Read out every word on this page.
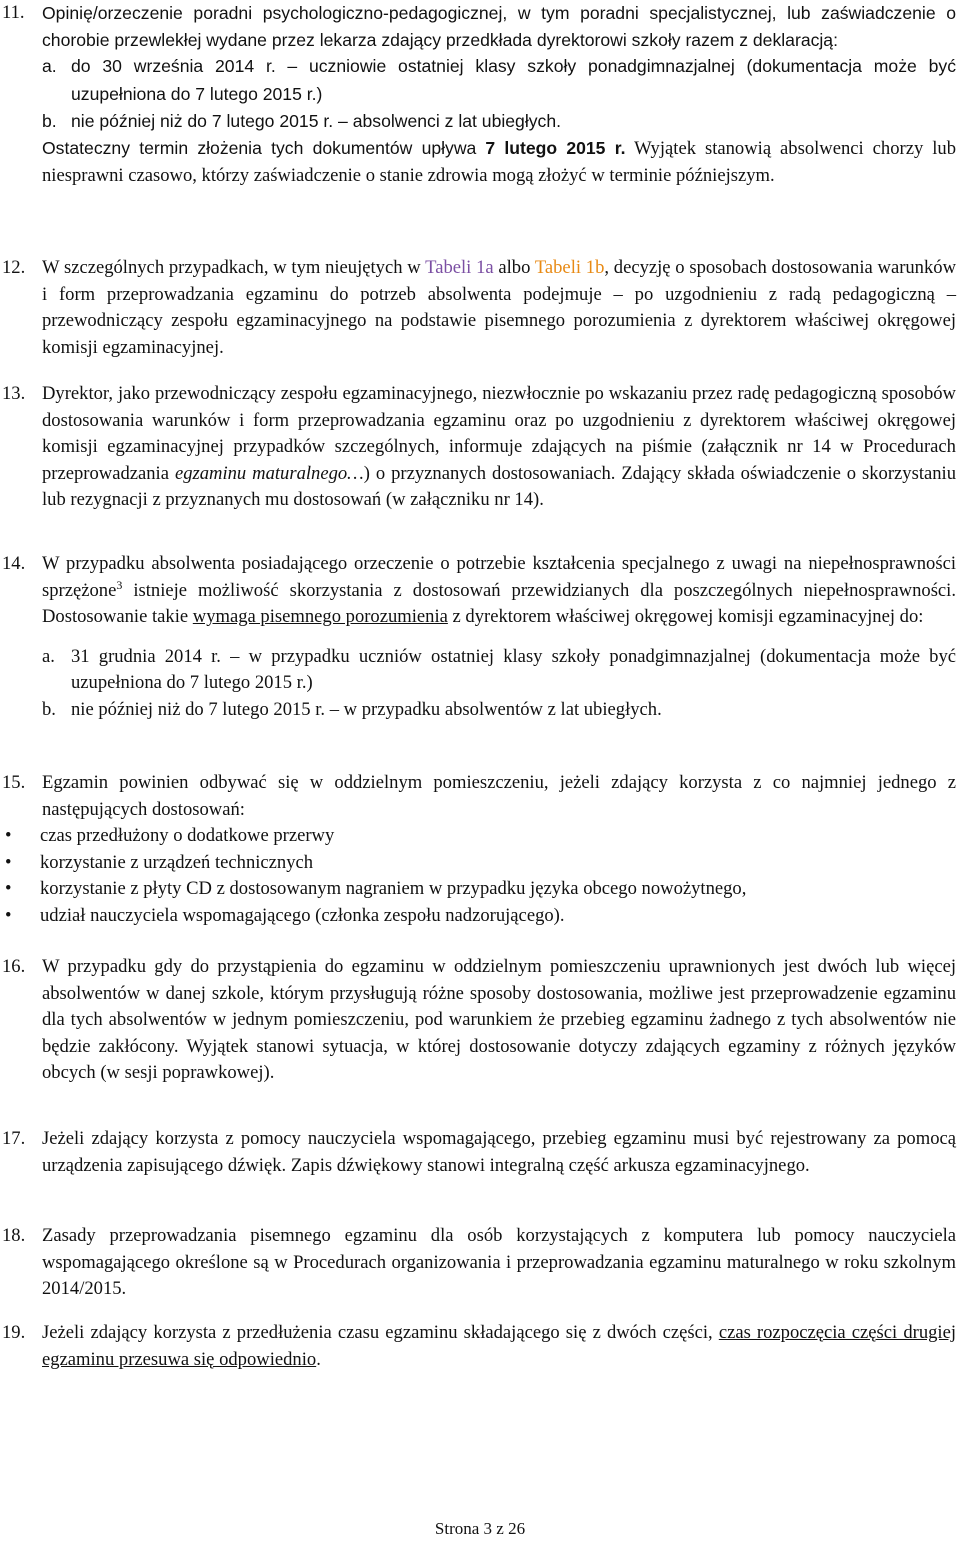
11. Opinię/orzeczenie poradni psychologiczno-pedagogicznej, w tym poradni specjalistycznej, lub zaświadczenie o chorobie przewlekłej wydane przez lekarza zdający przedkłada dyrektorowi szkoły razem z deklaracją:

a. do 30 września 2014 r. – uczniowie ostatniej klasy szkoły ponadgimnazjalnej (dokumentacja może być uzupełniona do 7 lutego 2015 r.)

b. nie później niż do 7 lutego 2015 r. – absolwenci z lat ubiegłych.

Ostateczny termin złożenia tych dokumentów upływa 7 lutego 2015 r. Wyjątek stanowią absolwenci chorzy lub niesprawni czasowo, którzy zaświadczenie o stanie zdrowia mogą złożyć w terminie późniejszym.

12. W szczególnych przypadkach, w tym nieujętych w Tabeli 1a albo Tabeli 1b, decyzję o sposobach dostosowania warunków i form przeprowadzania egzaminu do potrzeb absolwenta podejmuje – po uzgodnieniu z radą pedagogiczną – przewodniczący zespołu egzaminacyjnego na podstawie pisemnego porozumienia z dyrektorem właściwej okręgowej komisji egzaminacyjnej.

13. Dyrektor, jako przewodniczący zespołu egzaminacyjnego, niezwłocznie po wskazaniu przez radę pedagogiczną sposobów dostosowania warunków i form przeprowadzania egzaminu oraz po uzgodnieniu z dyrektorem właściwej okręgowej komisji egzaminacyjnej przypadków szczególnych, informuje zdających na piśmie (załącznik nr 14 w Procedurach przeprowadzania egzaminu maturalnego…) o przyznanych dostosowaniach. Zdający składa oświadczenie o skorzystaniu lub rezygnacji z przyznanych mu dostosowań (w załączniku nr 14).

14. W przypadku absolwenta posiadającego orzeczenie o potrzebie kształcenia specjalnego z uwagi na niepełnosprawności sprzężone$^3$ istnieje możliwość skorzystania z dostosowań przewidzianych dla poszczególnych niepełnosprawności. Dostosowanie takie wymaga pisemnego porozumienia z dyrektorem właściwej okręgowej komisji egzaminacyjnej do:

a. 31 grudnia 2014 r. – w przypadku uczniów ostatniej klasy szkoły ponadgimnazjalnej (dokumentacja może być uzupełniona do 7 lutego 2015 r.)

b. nie później niż do 7 lutego 2015 r. – w przypadku absolwentów z lat ubiegłych.

15. Egzamin powinien odbywać się w oddzielnym pomieszczeniu, jeżeli zdający korzysta z co najmniej jednego z następujących dostosowań:

• czas przedłużony o dodatkowe przerwy

• korzystanie z urządzeń technicznych

• korzystanie z płyty CD z dostosowanym nagraniem w przypadku języka obcego nowożytnego,

• udział nauczyciela wspomagającego (członka zespołu nadzorującego).

16. W przypadku gdy do przystąpienia do egzaminu w oddzielnym pomieszczeniu uprawnionych jest dwóch lub więcej absolwentów w danej szkole, którym przysługują różne sposoby dostosowania, możliwe jest przeprowadzenie egzaminu dla tych absolwentów w jednym pomieszczeniu, pod warunkiem że przebieg egzaminu żadnego z tych absolwentów nie będzie zakłócony. Wyjątek stanowi sytuacja, w której dostosowanie dotyczy zdających egzaminy z różnych języków obcych (w sesji poprawkowej).

17. Jeżeli zdający korzysta z pomocy nauczyciela wspomagającego, przebieg egzaminu musi być rejestrowany za pomocą urządzenia zapisującego dźwięk. Zapis dźwiękowy stanowi integralną część arkusza egzaminacyjnego.

18. Zasady przeprowadzania pisemnego egzaminu dla osób korzystających z komputera lub pomocy nauczyciela wspomagającego określone są w Procedurach organizowania i przeprowadzania egzaminu maturalnego w roku szkolnym 2014/2015.

19. Jeżeli zdający korzysta z przedłużenia czasu egzaminu składającego się z dwóch części, czas rozpoczęcia części drugiej egzaminu przesuwa się odpowiednio.

Strona 3 z 26
